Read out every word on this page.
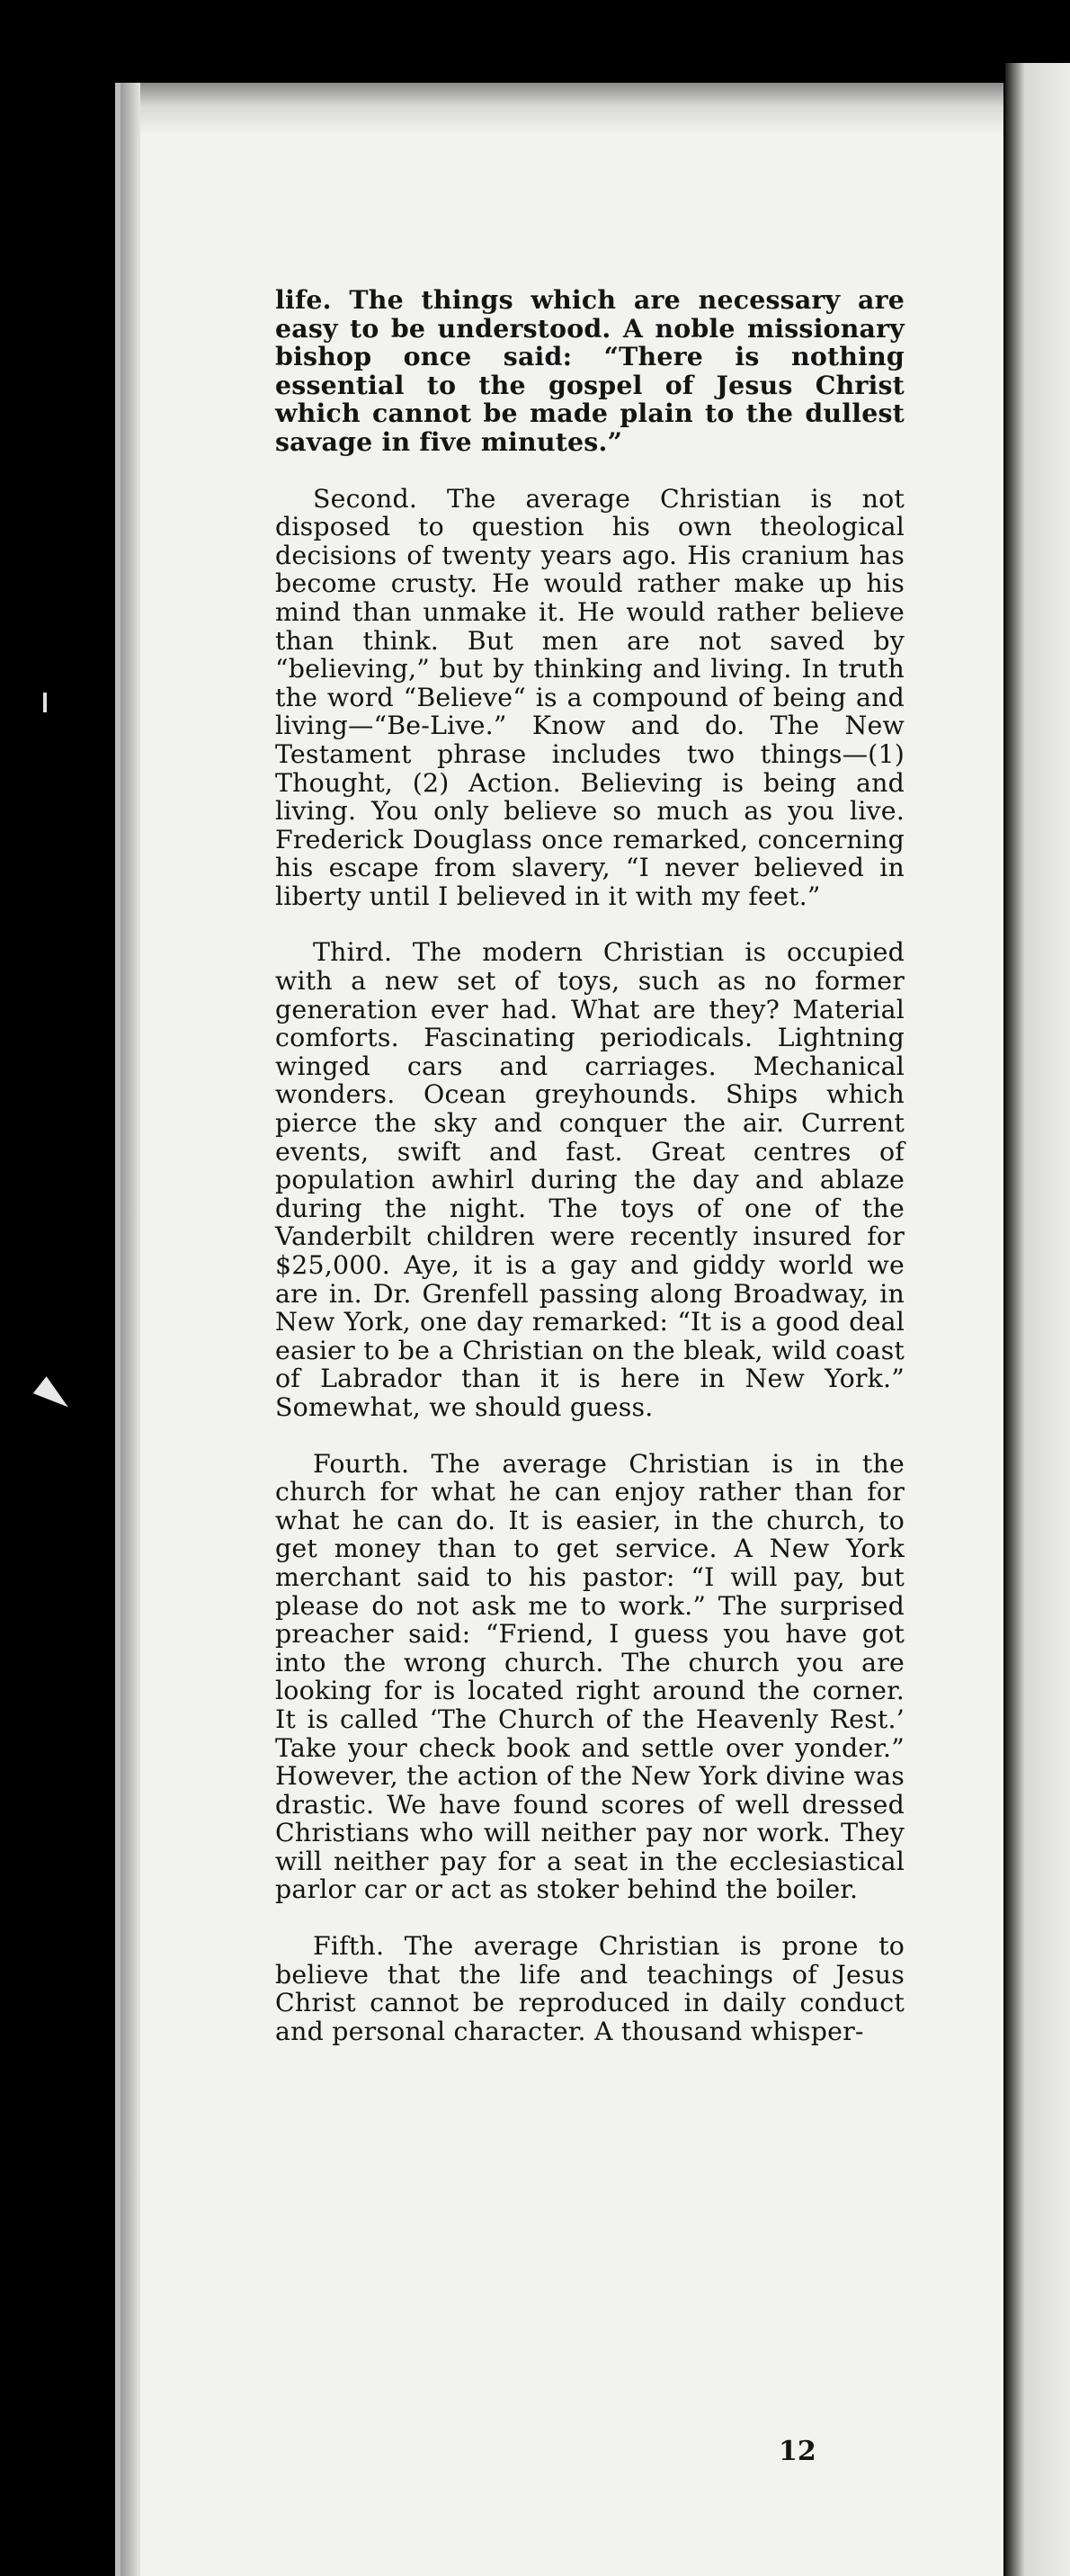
life. The things which are necessary are easy to be understood. A noble missionary bishop once said: “There is nothing essential to the gospel of Jesus Christ which cannot be made plain to the dullest savage in five minutes.”

Second. The average Christian is not disposed to question his own theological decisions of twenty years ago. His cranium has become crusty. He would rather make up his mind than unmake it. He would rather believe than think. But men are not saved by “believing,” but by thinking and living. In truth the word “Believe“ is a compound of being and living—“Be-Live.” Know and do. The New Testament phrase includes two things—(1) Thought, (2) Action. Believing is being and living. You only believe so much as you live. Frederick Douglass once remarked, concerning his escape from slavery, “I never believed in liberty until I believed in it with my feet.”

Third. The modern Christian is occupied with a new set of toys, such as no former generation ever had. What are they? Material comforts. Fascinating periodicals. Lightning winged cars and carriages. Mechanical wonders. Ocean greyhounds. Ships which pierce the sky and conquer the air. Current events, swift and fast. Great centres of population awhirl during the day and ablaze during the night. The toys of one of the Vanderbilt children were recently insured for $25,000. Aye, it is a gay and giddy world we are in. Dr. Grenfell passing along Broadway, in New York, one day remarked: “It is a good deal easier to be a Christian on the bleak, wild coast of Labrador than it is here in New York.” Somewhat, we should guess.

Fourth. The average Christian is in the church for what he can enjoy rather than for what he can do. It is easier, in the church, to get money than to get service. A New York merchant said to his pastor: “I will pay, but please do not ask me to work.” The surprised preacher said: “Friend, I guess you have got into the wrong church. The church you are looking for is located right around the corner. It is called ‘The Church of the Heavenly Rest.’ Take your check book and settle over yonder.” However, the action of the New York divine was drastic. We have found scores of well dressed Christians who will neither pay nor work. They will neither pay for a seat in the ecclesiastical parlor car or act as stoker behind the boiler.

Fifth. The average Christian is prone to believe that the life and teachings of Jesus Christ cannot be reproduced in daily conduct and personal character. A thousand whisper-

12
